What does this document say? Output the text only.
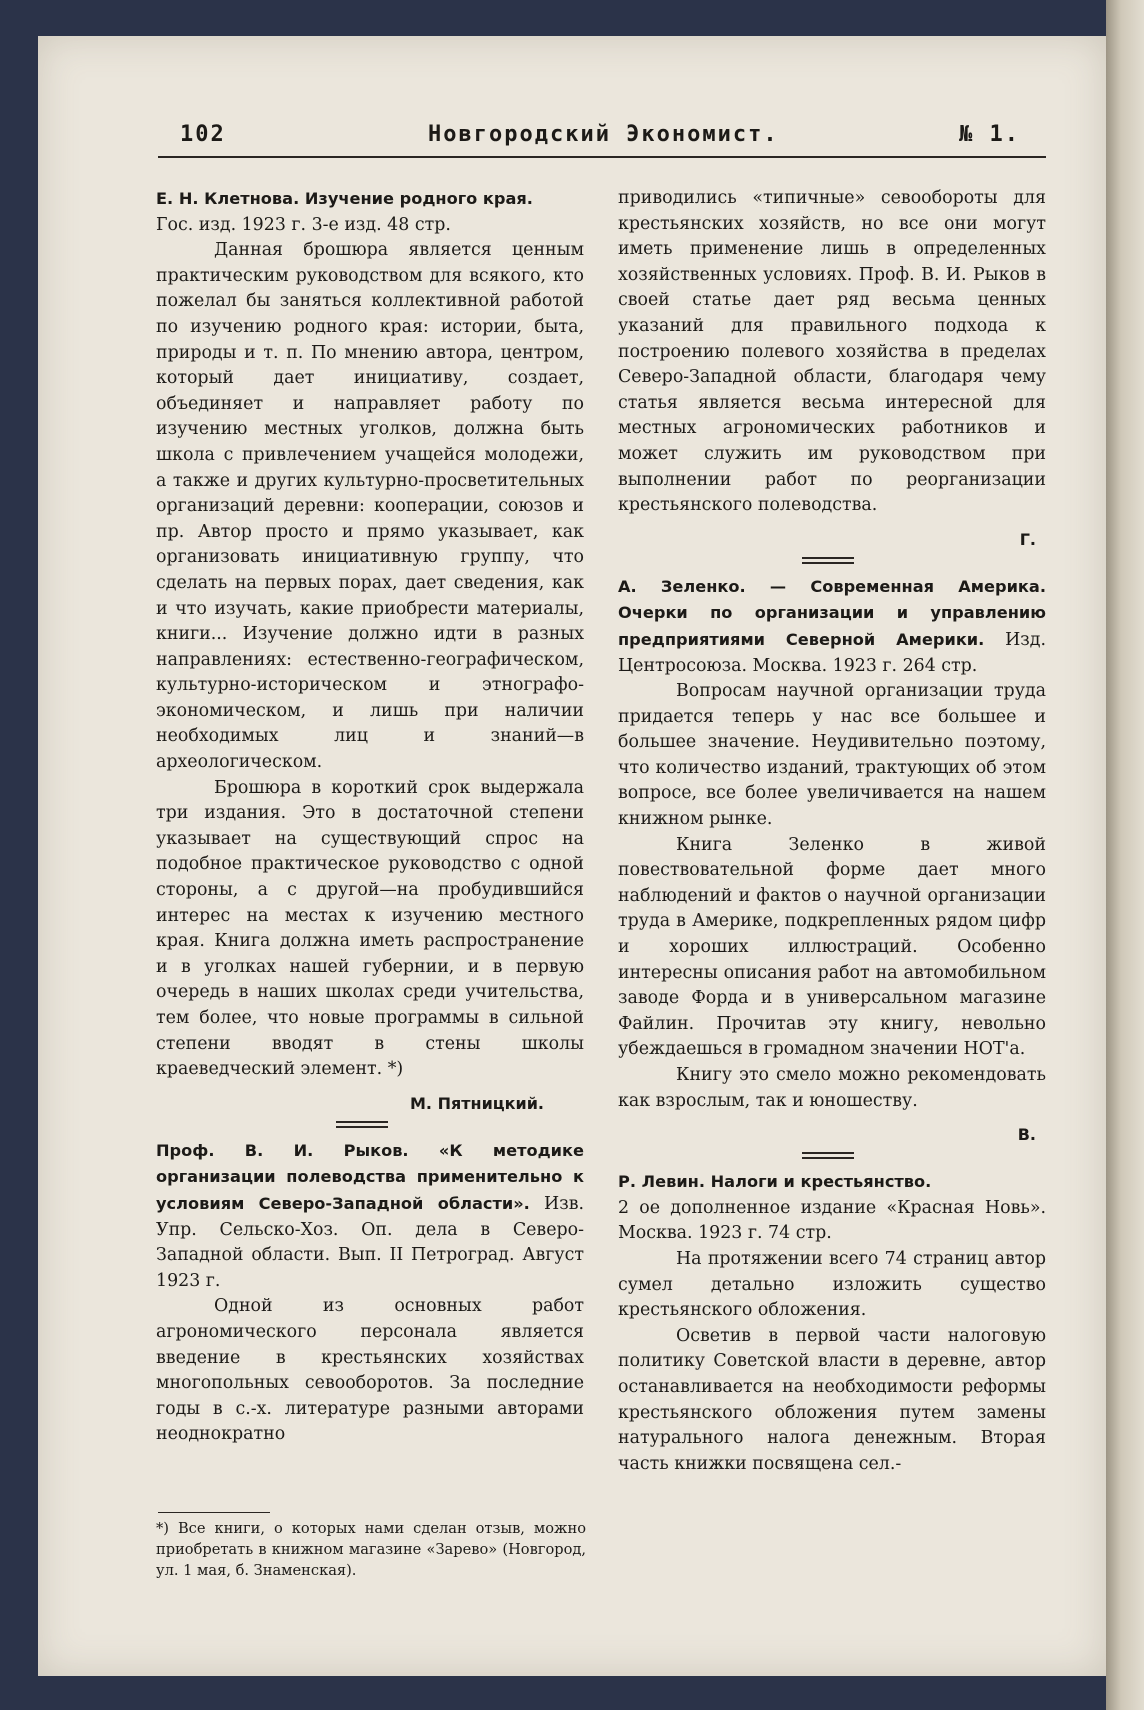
102	Новгородский Экономист.	№ 1.

Е. Н. Клетнова. Изучение родного края.

Гос. изд. 1923 г. 3-е изд. 48 стр.

Данная брошюра является ценным практическим руководством для всякого, кто пожелал бы заняться коллективной работой по изучению родного края: истории, быта, природы и т. п. По мнению автора, центром, который дает инициативу, создает, объединяет и направляет работу по изучению местных уголков, должна быть школа с привлечением учащейся молодежи, а также и других культурно-просветительных организаций деревни: кооперации, союзов и пр. Автор просто и прямо указывает, как организовать инициативную группу, что сделать на первых порах, дает сведения, как и что изучать, какие приобрести материалы, книги... Изучение должно идти в разных направлениях: естественно-географическом, культурно-историческом и этнографо-экономическом, и лишь при наличии необходимых лиц и знаний—в археологическом.

Брошюра в короткий срок выдержала три издания. Это в достаточной степени указывает на существующий спрос на подобное практическое руководство с одной стороны, а с другой—на пробудившийся интерес на местах к изучению местного края. Книга должна иметь распространение и в уголках нашей губернии, и в первую очередь в наших школах среди учительства, тем более, что новые программы в сильной степени вводят в стены школы краеведческий элемент. *)

М. Пятницкий.

Проф. В. И. Рыков. «К методике организации полеводства применительно к условиям Северо-Западной области». Изв. Упр. Сельско-Хоз. Оп. дела в Северо-Западной области. Вып. II Петроград. Август 1923 г.

Одной из основных работ агрономического персонала является введение в крестьянских хозяйствах многопольных севооборотов. За последние годы в с.-х. литературе разными авторами неоднократно

*) Все книги, о которых нами сделан отзыв, можно приобретать в книжном магазине «Зарево» (Новгород, ул. 1 мая, б. Знаменская).

приводились «типичные» севообороты для крестьянских хозяйств, но все они могут иметь применение лишь в определенных хозяйственных условиях. Проф. В. И. Рыков в своей статье дает ряд весьма ценных указаний для правильного подхода к построению полевого хозяйства в пределах Северо-Западной области, благодаря чему статья является весьма интересной для местных агрономических работников и может служить им руководством при выполнении работ по реорганизации крестьянского полеводства.

Г.

А. Зеленко. — Современная Америка. Очерки по организации и управлению предприятиями Северной Америки. Изд. Центросоюза. Москва. 1923 г. 264 стр.

Вопросам научной организации труда придается теперь у нас все большее и большее значение. Неудивительно поэтому, что количество изданий, трактующих об этом вопросе, все более увеличивается на нашем книжном рынке.

Книга Зеленко в живой повествовательной форме дает много наблюдений и фактов о научной организации труда в Америке, подкрепленных рядом цифр и хороших иллюстраций. Особенно интересны описания работ на автомобильном заводе Форда и в универсальном магазине Файлин. Прочитав эту книгу, невольно убеждаешься в громадном значении НОТ'а.

Книгу это смело можно рекомендовать как взрослым, так и юношеству.

В.

Р. Левин. Налоги и крестьянство.

2 ое дополненное издание «Красная Новь». Москва. 1923 г. 74 стр.

На протяжении всего 74 страниц автор сумел детально изложить существо крестьянского обложения.

Осветив в первой части налоговую политику Советской власти в деревне, автор останавливается на необходимости реформы крестьянского обложения путем замены натурального налога денежным. Вторая часть книжки посвящена сел.-
